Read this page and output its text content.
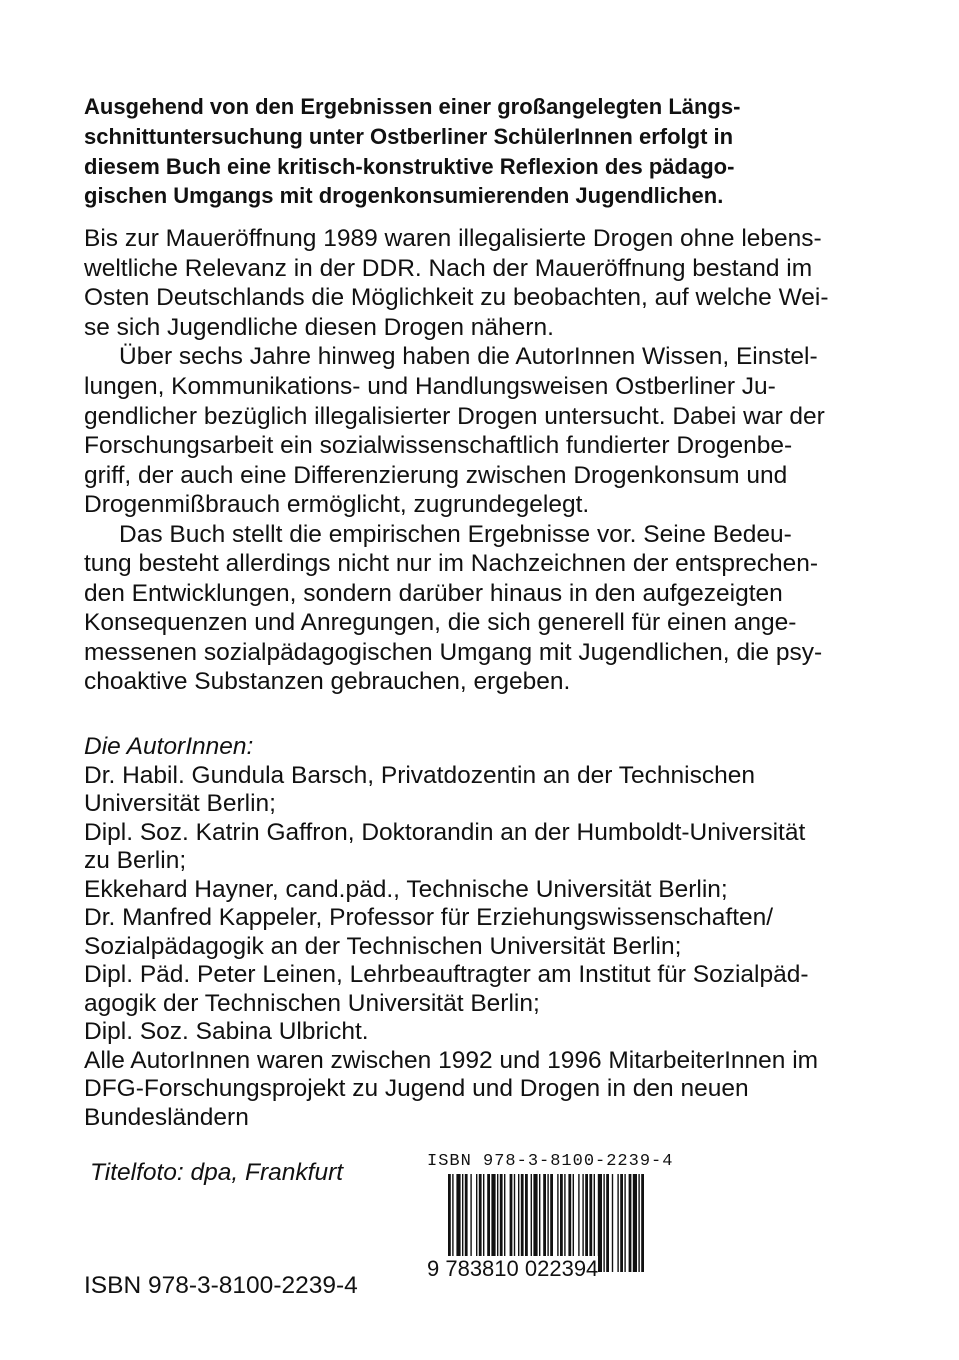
Ausgehend von den Ergebnissen einer großangelegten Längs-
schnittuntersuchung unter Ostberliner SchülerInnen erfolgt in
diesem Buch eine kritisch-konstruktive Reflexion des pädago-
gischen Umgangs mit drogenkonsumierenden Jugendlichen.
Bis zur Maueröffnung 1989 waren illegalisierte Drogen ohne lebens-
weltliche Relevanz in der DDR. Nach der Maueröffnung bestand im
Osten Deutschlands die Möglichkeit zu beobachten, auf welche Wei-
se sich Jugendliche diesen Drogen nähern.
Über sechs Jahre hinweg haben die AutorInnen Wissen, Einstel-
lungen, Kommunikations- und Handlungsweisen Ostberliner Ju-
gendlicher bezüglich illegalisierter Drogen untersucht. Dabei war der
Forschungsarbeit ein sozialwissenschaftlich fundierter Drogenbe-
griff, der auch eine Differenzierung zwischen Drogenkonsum und
Drogenmißbrauch ermöglicht, zugrundegelegt.
Das Buch stellt die empirischen Ergebnisse vor. Seine Bedeu-
tung besteht allerdings nicht nur im Nachzeichnen der entsprechen-
den Entwicklungen, sondern darüber hinaus in den aufgezeigten
Konsequenzen und Anregungen, die sich generell für einen ange-
messenen sozialpädagogischen Umgang mit Jugendlichen, die psy-
choaktive Substanzen gebrauchen, ergeben.
Die AutorInnen:
Dr. Habil. Gundula Barsch, Privatdozentin an der Technischen
Universität Berlin;
Dipl. Soz. Katrin Gaffron, Doktorandin an der Humboldt-Universität
zu Berlin;
Ekkehard Hayner, cand.päd., Technische Universität Berlin;
Dr. Manfred Kappeler, Professor für Erziehungswissenschaften/
Sozialpädagogik an der Technischen Universität Berlin;
Dipl. Päd. Peter Leinen, Lehrbeauftragter am Institut für Sozialpäd-
agogik der Technischen Universität Berlin;
Dipl. Soz. Sabina Ulbricht.
Alle AutorInnen waren zwischen 1992 und 1996 MitarbeiterInnen im
DFG-Forschungsprojekt zu Jugend und Drogen in den neuen
Bundesländern
Titelfoto: dpa, Frankfurt	ISBN 978-3-8100-2239-4
9 783810 022394
ISBN 978-3-8100-2239-4
